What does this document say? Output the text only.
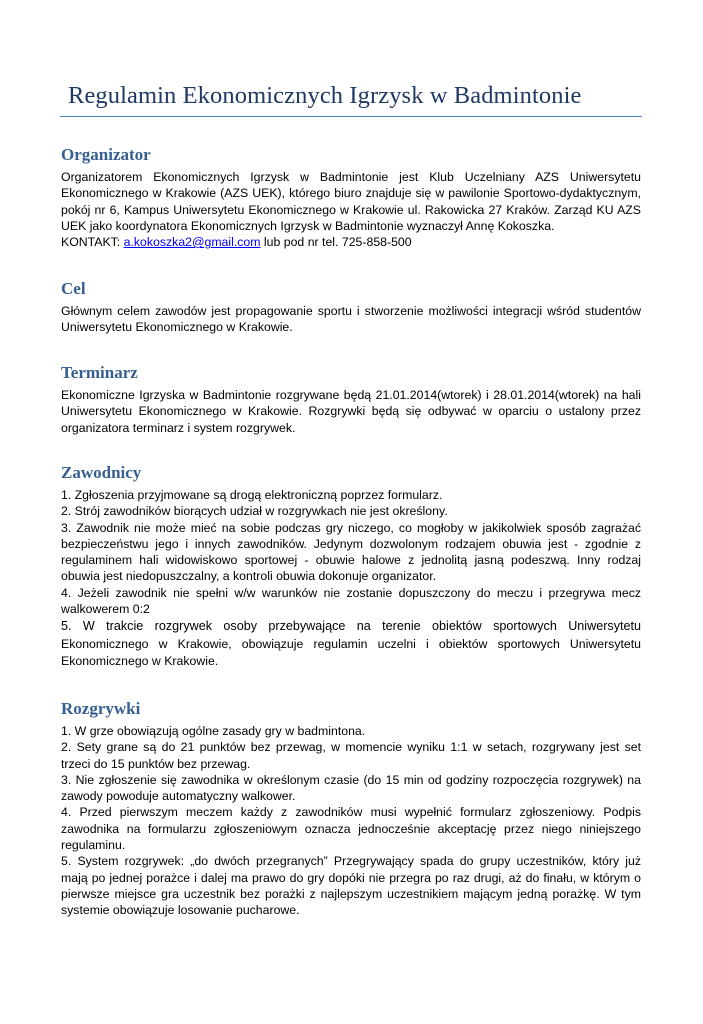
Regulamin Ekonomicznych Igrzysk w Badmintonie
Organizator
Organizatorem Ekonomicznych Igrzysk w Badmintonie jest Klub Uczelniany AZS Uniwersytetu
Ekonomicznego w Krakowie (AZS UEK), którego biuro znajduje się w pawilonie Sportowo-dydaktycznym,
pokój nr 6, Kampus Uniwersytetu Ekonomicznego w Krakowie ul. Rakowicka 27 Kraków. Zarząd KU AZS
UEK jako koordynatora Ekonomicznych Igrzysk w Badmintonie wyznaczył Annę Kokoszka.
KONTAKT: a.kokoszka2@gmail.com lub pod nr tel. 725-858-500
Cel
Głównym celem zawodów jest propagowanie sportu i stworzenie możliwości integracji wśród studentów
Uniwersytetu Ekonomicznego w Krakowie.
Terminarz
Ekonomiczne Igrzyska w Badmintonie rozgrywane będą 21.01.2014(wtorek) i 28.01.2014(wtorek) na hali
Uniwersytetu Ekonomicznego w Krakowie. Rozgrywki będą się odbywać w oparciu o ustalony przez
organizatora terminarz i system rozgrywek.
Zawodnicy
1. Zgłoszenia przyjmowane są drogą elektroniczną poprzez formularz.
2. Strój zawodników biorących udział w rozgrywkach nie jest określony.
3. Zawodnik nie może mieć na sobie podczas gry niczego, co mogłoby w jakikolwiek sposób zagrażać
bezpieczeństwu jego i innych zawodników. Jedynym dozwolonym rodzajem obuwia jest - zgodnie z
regulaminem hali widowiskowo sportowej - obuwie halowe z jednolitą jasną podeszwą. Inny rodzaj
obuwia jest niedopuszczalny, a kontroli obuwia dokonuje organizator.
4. Jeżeli zawodnik nie spełni w/w warunków nie zostanie dopuszczony do meczu i przegrywa mecz
walkowerem 0:2
5. W trakcie rozgrywek osoby przebywające na terenie obiektów sportowych Uniwersytetu
Ekonomicznego w Krakowie, obowiązuje regulamin uczelni i obiektów sportowych Uniwersytetu
Ekonomicznego w Krakowie.
Rozgrywki
1. W grze obowiązują ogólne zasady gry w badmintona.
2. Sety grane są do 21 punktów bez przewag, w momencie wyniku 1:1 w setach, rozgrywany jest set
trzeci do 15 punktów bez przewag.
3. Nie zgłoszenie się zawodnika w określonym czasie (do 15 min od godziny rozpoczęcia rozgrywek) na
zawody powoduje automatyczny walkower.
4. Przed pierwszym meczem każdy z zawodników musi wypełnić formularz zgłoszeniowy. Podpis
zawodnika na formularzu zgłoszeniowym oznacza jednocześnie akceptację przez niego niniejszego
regulaminu.
5. System rozgrywek: „do dwóch przegranych” Przegrywający spada do grupy uczestników, który już
mają po jednej porażce i dalej ma prawo do gry dopóki nie przegra po raz drugi, aż do finału, w którym o
pierwsze miejsce gra uczestnik bez porażki z najlepszym uczestnikiem mającym jedną porażkę. W tym
systemie obowiązuje losowanie pucharowe.
